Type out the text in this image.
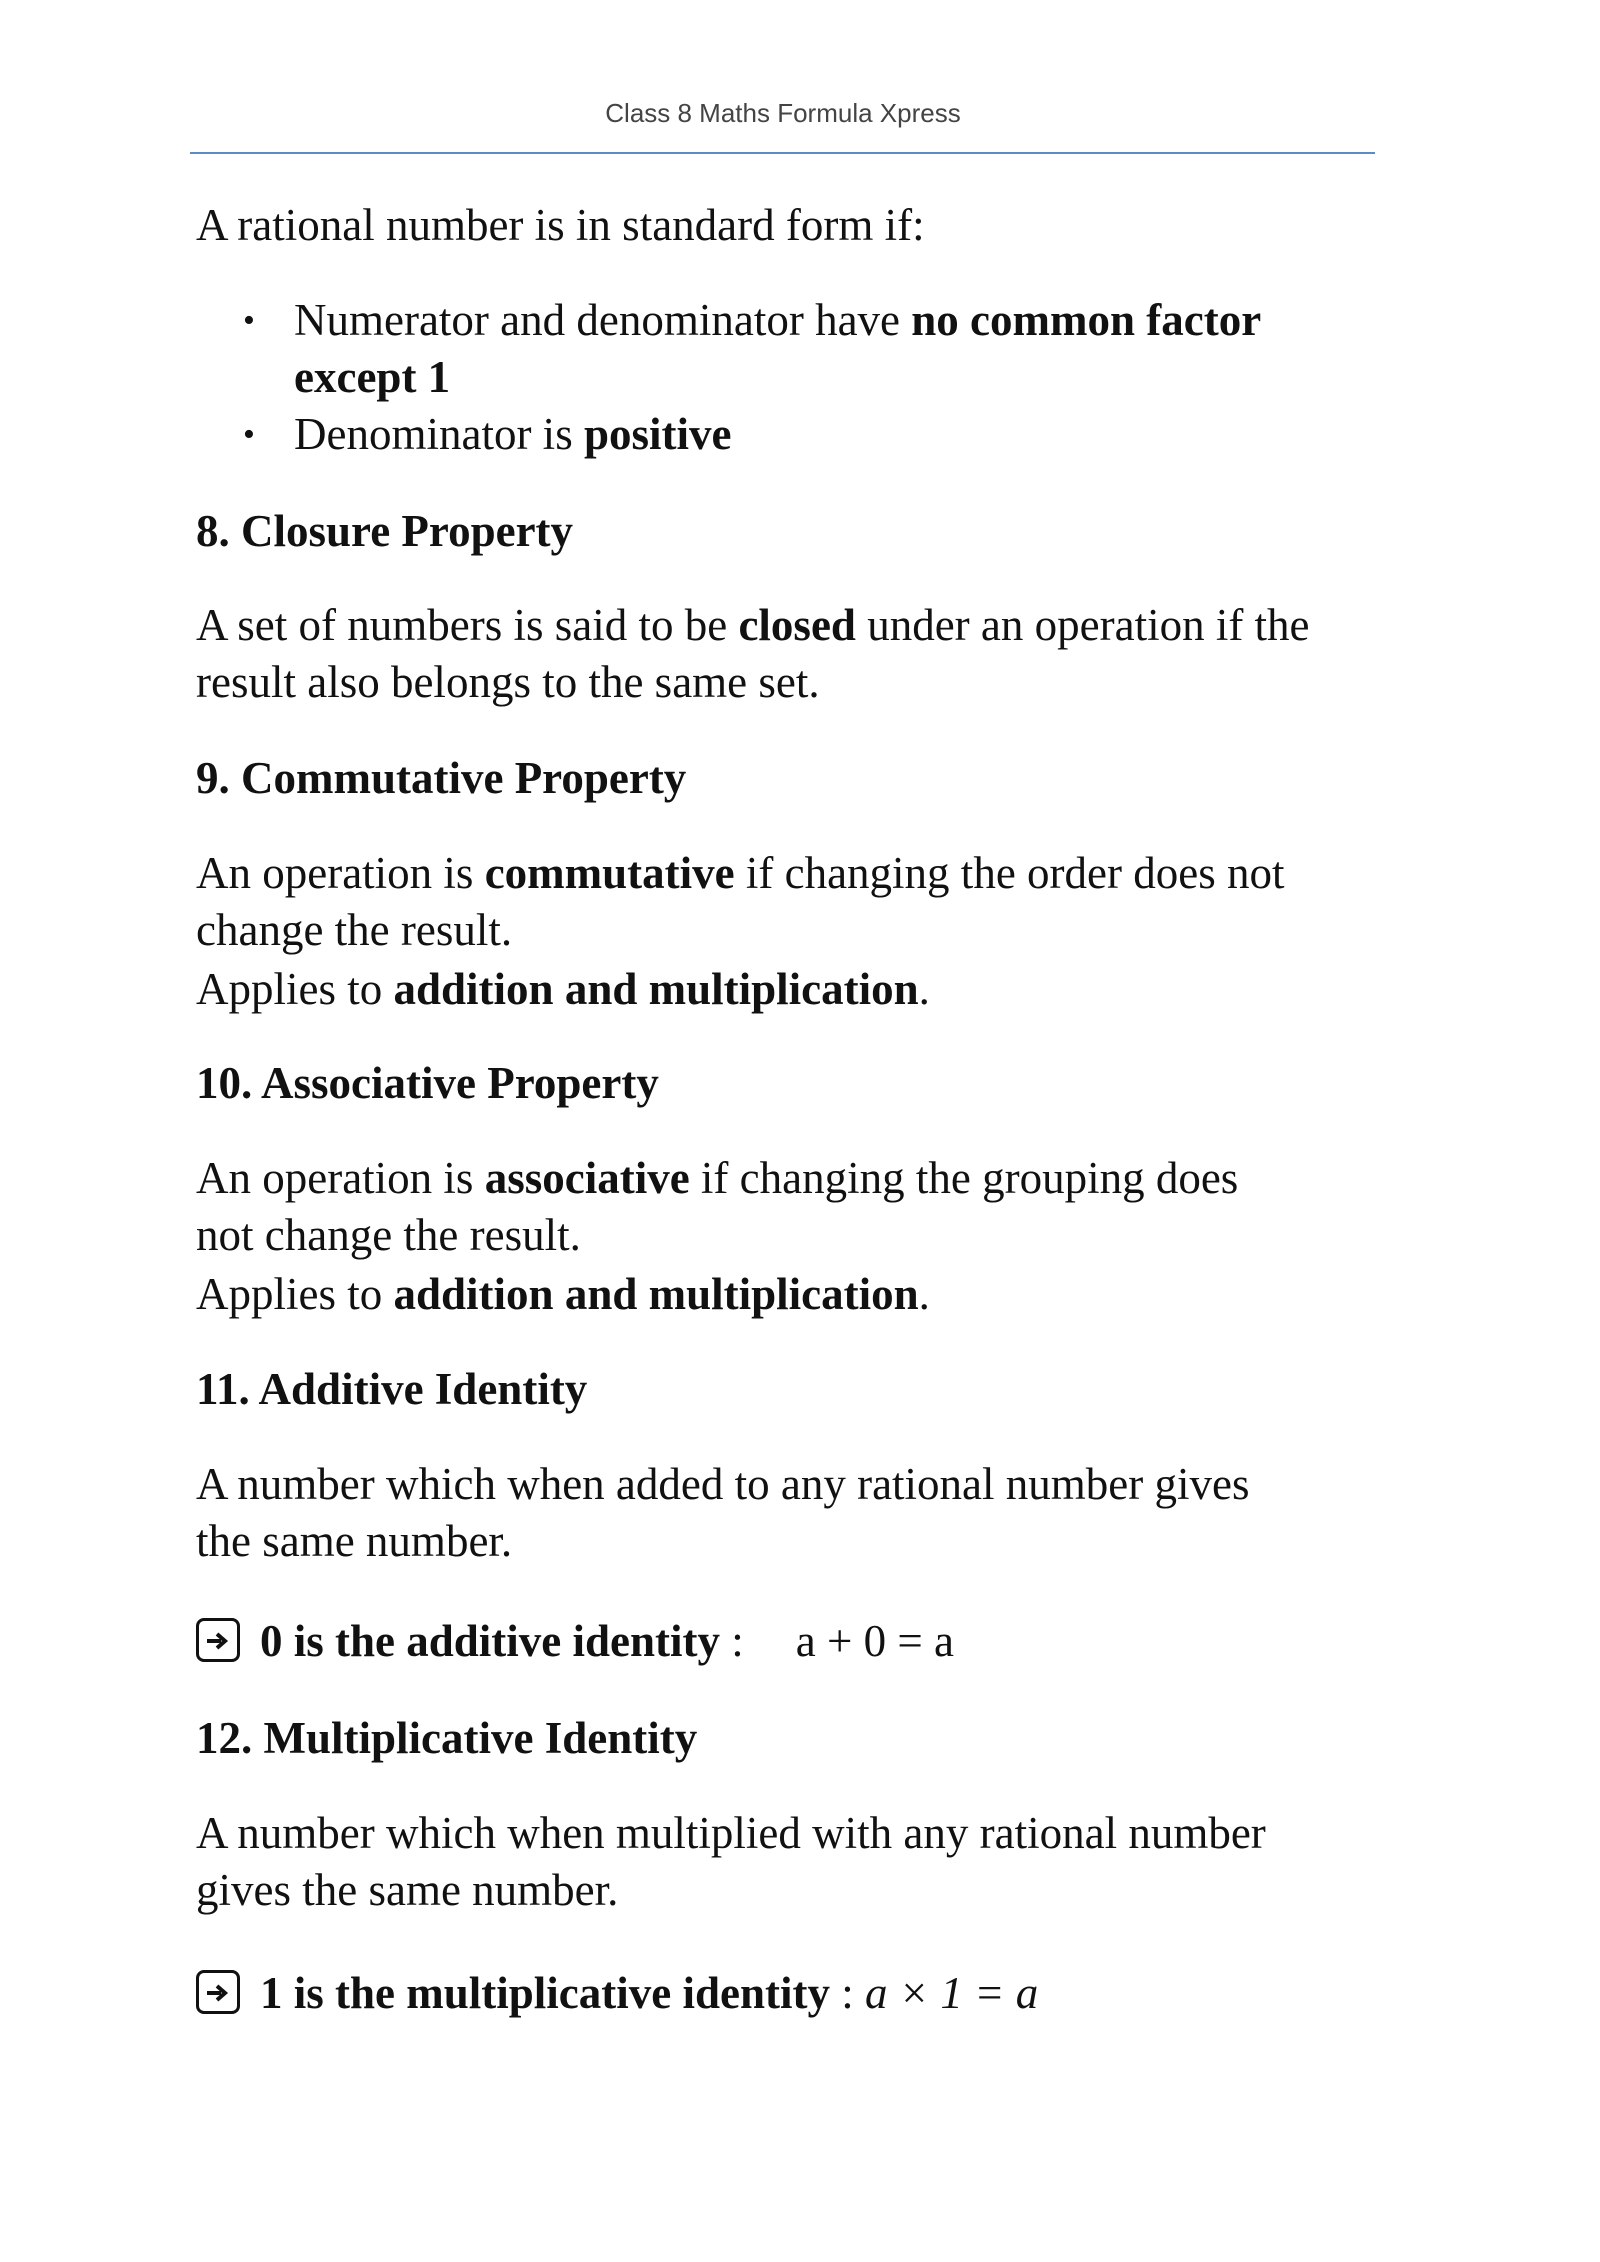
Class 8 Maths Formula Xpress
A rational number is in standard form if:
• Numerator and denominator have no common factor except 1
• Denominator is positive
8. Closure Property
A set of numbers is said to be closed under an operation if the result also belongs to the same set.
9. Commutative Property
An operation is commutative if changing the order does not change the result.
Applies to addition and multiplication.
10. Associative Property
An operation is associative if changing the grouping does not change the result.
Applies to addition and multiplication.
11. Additive Identity
A number which when added to any rational number gives the same number.
0 is the additive identity : a + 0 = a
12. Multiplicative Identity
A number which when multiplied with any rational number gives the same number.
1 is the multiplicative identity : a × 1 = a
